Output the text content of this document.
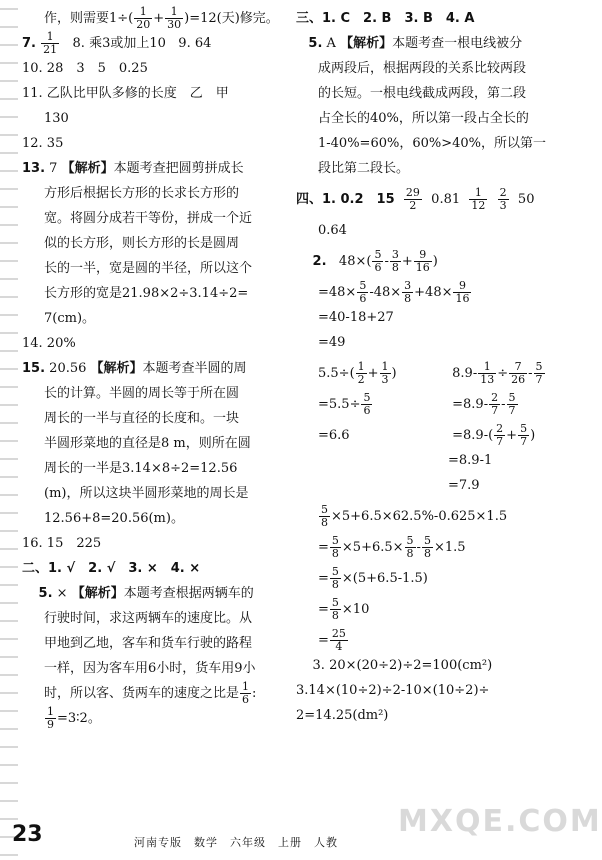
作，则需要$1\div( \frac{1}{20} + \frac{1}{30} )=12$(天)修完。
7. $\frac{1}{21} 8$. 乘3或加上10 9. 64
10. 28　3　5　0.25
11. 乙队比甲队多修的长度　乙　甲
130
12. 35
13. 7 【解析】本题考查把圆剪拼成长
方形后根据长方形的长求长方形的
宽。将圆分成若干等份，拼成一个近
似的长方形，则长方形的长是圆周
长的一半，宽是圆的半径，所以这个
长方形的宽是21.98×2÷3.14÷2=
7(cm)。
14. 20%
15. 20.56 【解析】本题考查半圆的周
长的计算。半圆的周长等于所在圆
周长的一半与直径的长度和。一块
半圆形菜地的直径是8 m，则所在圆
周长的一半是3.14×8÷2=12.56
(m)，所以这块半圆形菜地的周长是
12.56+8=20.56(m)。
16. 15　225
二、1. √　2. √　3. ×　4. ×
5. × 【解析】本题考查根据两辆车的
行驶时间，求这两辆车的速度比。从
甲地到乙地，客车和货车行驶的路程
一样，因为客车用6小时，货车用9小
时，所以客、货两车的速度之比是 $\frac{1}{6}$ :
$\frac{1}{9}$ =3∶2。
三、1. C　2. B　3. B　4. A
5. A 【解析】本题考查一根电线被分
成两段后，根据两段的关系比较两段
的长短。一根电线截成两段，第二段
占全长的40%，所以第一段占全长的
1-40%=60%，60%>40%，所以第一
段比第二段长。
四、1. 0.2　$15 \frac{29}{2} 0.81 \frac{1}{12}$
$\frac{2}{3} 50$
0.64
2. $48\times( \frac{5}{6} - \frac{3}{8} + \frac{9}{16}$ )
$=48\times \frac{5}{6} -48\times \frac{3}{8} +48\times \frac{9}{16}$
=40-18+27
=49
$5.5\div( \frac{1}{2} + \frac{1}{3}$ )	$8.9- \frac{1}{13} \div \frac{7}{26} - \frac{5}{7}$
$=5.5\div \frac{5}{6}$	$=8.9- \frac{2}{7} - \frac{5}{7}$
=6.6	$=8.9-( \frac{2}{7} + \frac{5}{7}$ )
=8.9-1
=7.9
$\frac{5}{8} \times 5+6.5\times 62.5\%-0.625\times 1.5$
= $\frac{5}{8} \times 5+6.5\times \frac{5}{8} - \frac{5}{8} \times 1.5$
= $\frac{5}{8} \times(5+6.5-1.5)$
= $\frac{5}{8} \times 10$
= $\frac{25}{4}$
3. 20×(20÷2)÷2=100(cm²)
3.14×(10÷2)÷2-10×(10÷2)÷
2=14.25(dm²)
23	河南专版　数学　六年级　上册　人教
MXQE.COM
